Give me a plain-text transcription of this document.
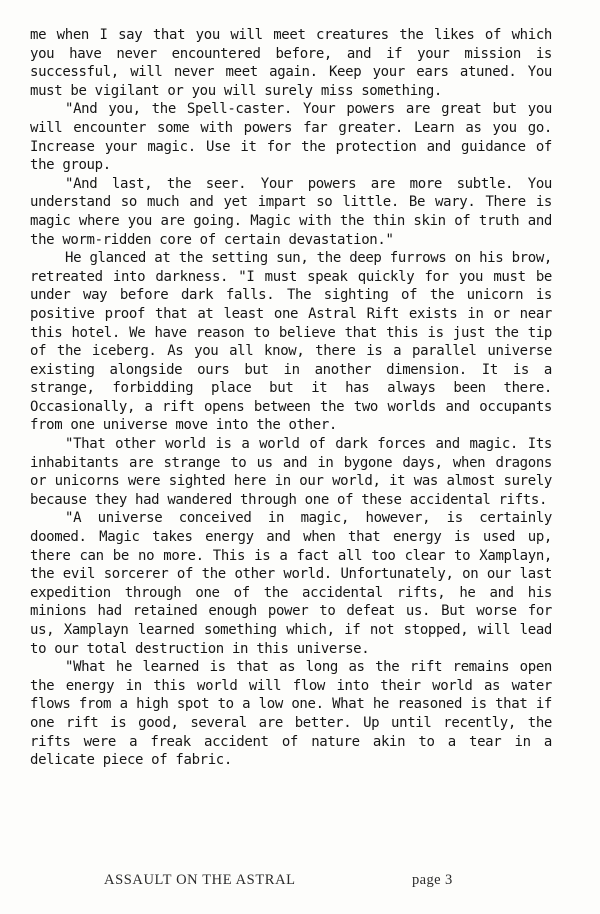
me when I say that you will meet creatures the likes of which you have never encountered before, and if your mission is successful, will never meet again. Keep your ears atuned. You must be vigilant or you will surely miss something.

"And you, the Spell-caster. Your powers are great but you will encounter some with powers far greater. Learn as you go. Increase your magic. Use it for the protection and guidance of the group.

"And last, the seer. Your powers are more subtle. You understand so much and yet impart so little. Be wary. There is magic where you are going. Magic with the thin skin of truth and the worm-ridden core of certain devastation."

He glanced at the setting sun, the deep furrows on his brow, retreated into darkness. "I must speak quickly for you must be under way before dark falls. The sighting of the unicorn is positive proof that at least one Astral Rift exists in or near this hotel. We have reason to believe that this is just the tip of the iceberg. As you all know, there is a parallel universe existing alongside ours but in another dimension. It is a strange, forbidding place but it has always been there. Occasionally, a rift opens between the two worlds and occupants from one universe move into the other.

"That other world is a world of dark forces and magic. Its inhabitants are strange to us and in bygone days, when dragons or unicorns were sighted here in our world, it was almost surely because they had wandered through one of these accidental rifts.

"A universe conceived in magic, however, is certainly doomed. Magic takes energy and when that energy is used up, there can be no more. This is a fact all too clear to Xamplayn, the evil sorcerer of the other world. Unfortunately, on our last expedition through one of the accidental rifts, he and his minions had retained enough power to defeat us. But worse for us, Xamplayn learned something which, if not stopped, will lead to our total destruction in this universe.

"What he learned is that as long as the rift remains open the energy in this world will flow into their world as water flows from a high spot to a low one. What he reasoned is that if one rift is good, several are better. Up until recently, the rifts were a freak accident of nature akin to a tear in a delicate piece of fabric.

ASSAULT ON THE ASTRAL	page 3
